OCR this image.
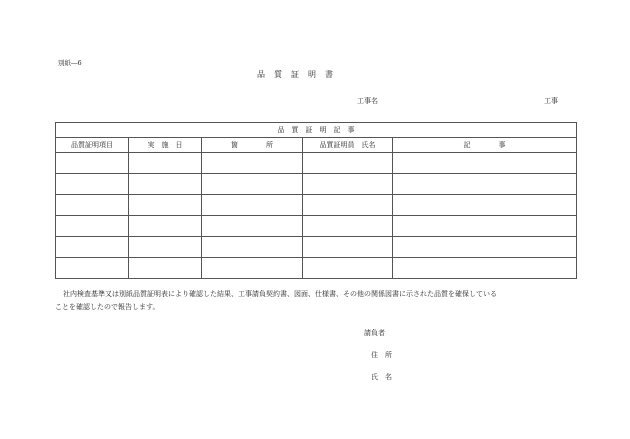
別紙―6
品　質　証　明　書
工事名	工事
品　質　証　明　記　事				
品質証明項目	実　施　日	箇　　　　所	品質証明員　氏名	記　　　　事

社内検査基準又は別紙品質証明表により確認した結果、工事請負契約書、図面、仕様書、その他の関係図書に示された品質を確保している
ことを確認したので報告します。
請負者
住　所
氏　名
